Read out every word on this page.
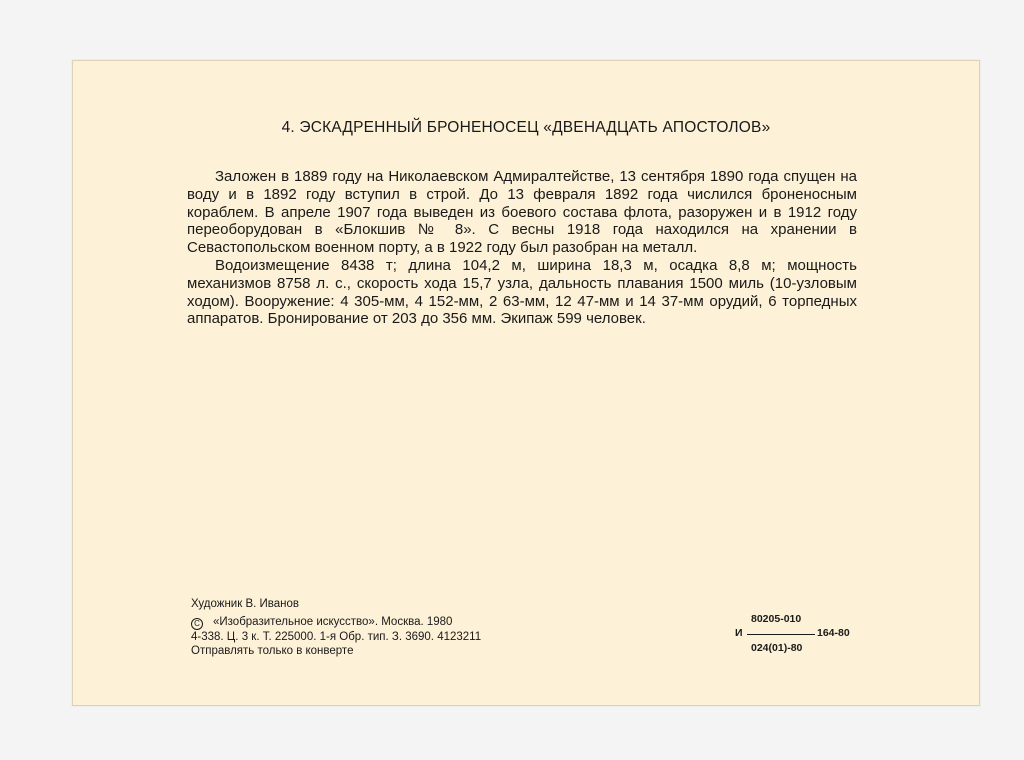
4. ЭСКАДРЕННЫЙ БРОНЕНОСЕЦ «ДВЕНАДЦАТЬ АПОСТОЛОВ»

Заложен в 1889 году на Николаевском Адмиралтействе, 13 сентября 1890 года спущен на воду и в 1892 году вступил в строй. До 13 февраля 1892 года числился броненосным кораблем. В апреле 1907 года выведен из боевого состава флота, разоружен и в 1912 году переоборудован в «Блокшив № 8». С весны 1918 года находился на хранении в Севастопольском военном порту, а в 1922 году был разобран на металл.

Водоизмещение 8438 т; длина 104,2 м, ширина 18,3 м, осадка 8,8 м; мощность механизмов 8758 л. с., скорость хода 15,7 узла, дальность плавания 1500 миль (10-узловым ходом). Вооружение: 4 305-мм, 4 152-мм, 2 63-мм, 12 47-мм и 14 37-мм орудий, 6 торпедных аппаратов. Бронирование от 203 до 356 мм. Экипаж 599 человек.

Художник В. Иванов
C «Изобразительное искусство». Москва. 1980
4-338. Ц. 3 к. Т. 225000. 1-я Обр. тип. З. 3690. 4123211
Отправлять только в конверте
80205-010
И	164-80
024(01)-80
